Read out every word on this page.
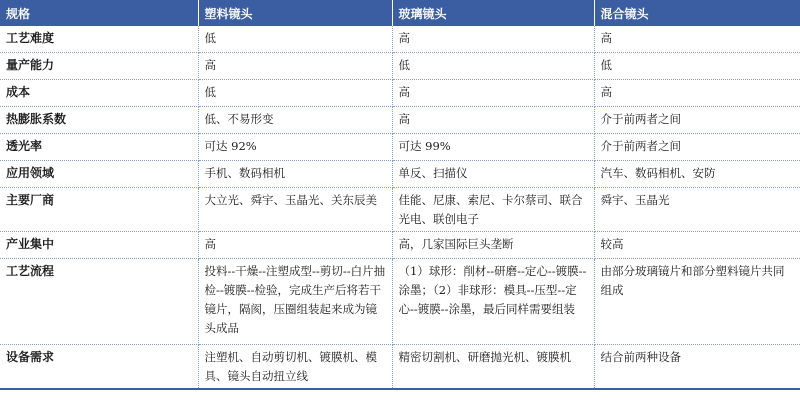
规格	塑料镜头	玻璃镜头	混合镜头
工艺难度	低	高	高
量产能力	高	低	低
成本	低	高	高
热膨胀系数	低、不易形变	高	介于前两者之间
透光率	可达 92%	可达 99%	介于前两者之间
应用领域	手机、数码相机	单反、扫描仪	汽车、数码相机、安防
主要厂商	大立光、舜宇、玉晶光、关东辰美	佳能、尼康、索尼、卡尔蔡司、联合光电、联创电子	舜宇、玉晶光
产业集中	高	高，几家国际巨头垄断	较高
工艺流程	投料--干燥--注塑成型--剪切--白片抽检--镀膜--检验，完成生产后将若干镜片，隔阂，压圈组装起来成为镜头成品	（1）球形：削材--研磨--定心--镀膜--涂墨；（2）非球形：模具--压型--定心--镀膜--涂墨，最后同样需要组装	由部分玻璃镜片和部分塑料镜片共同组成
设备需求	注塑机、自动剪切机、镀膜机、模具、镜头自动扭立线	精密切割机、研磨抛光机、镀膜机	结合前两种设备
